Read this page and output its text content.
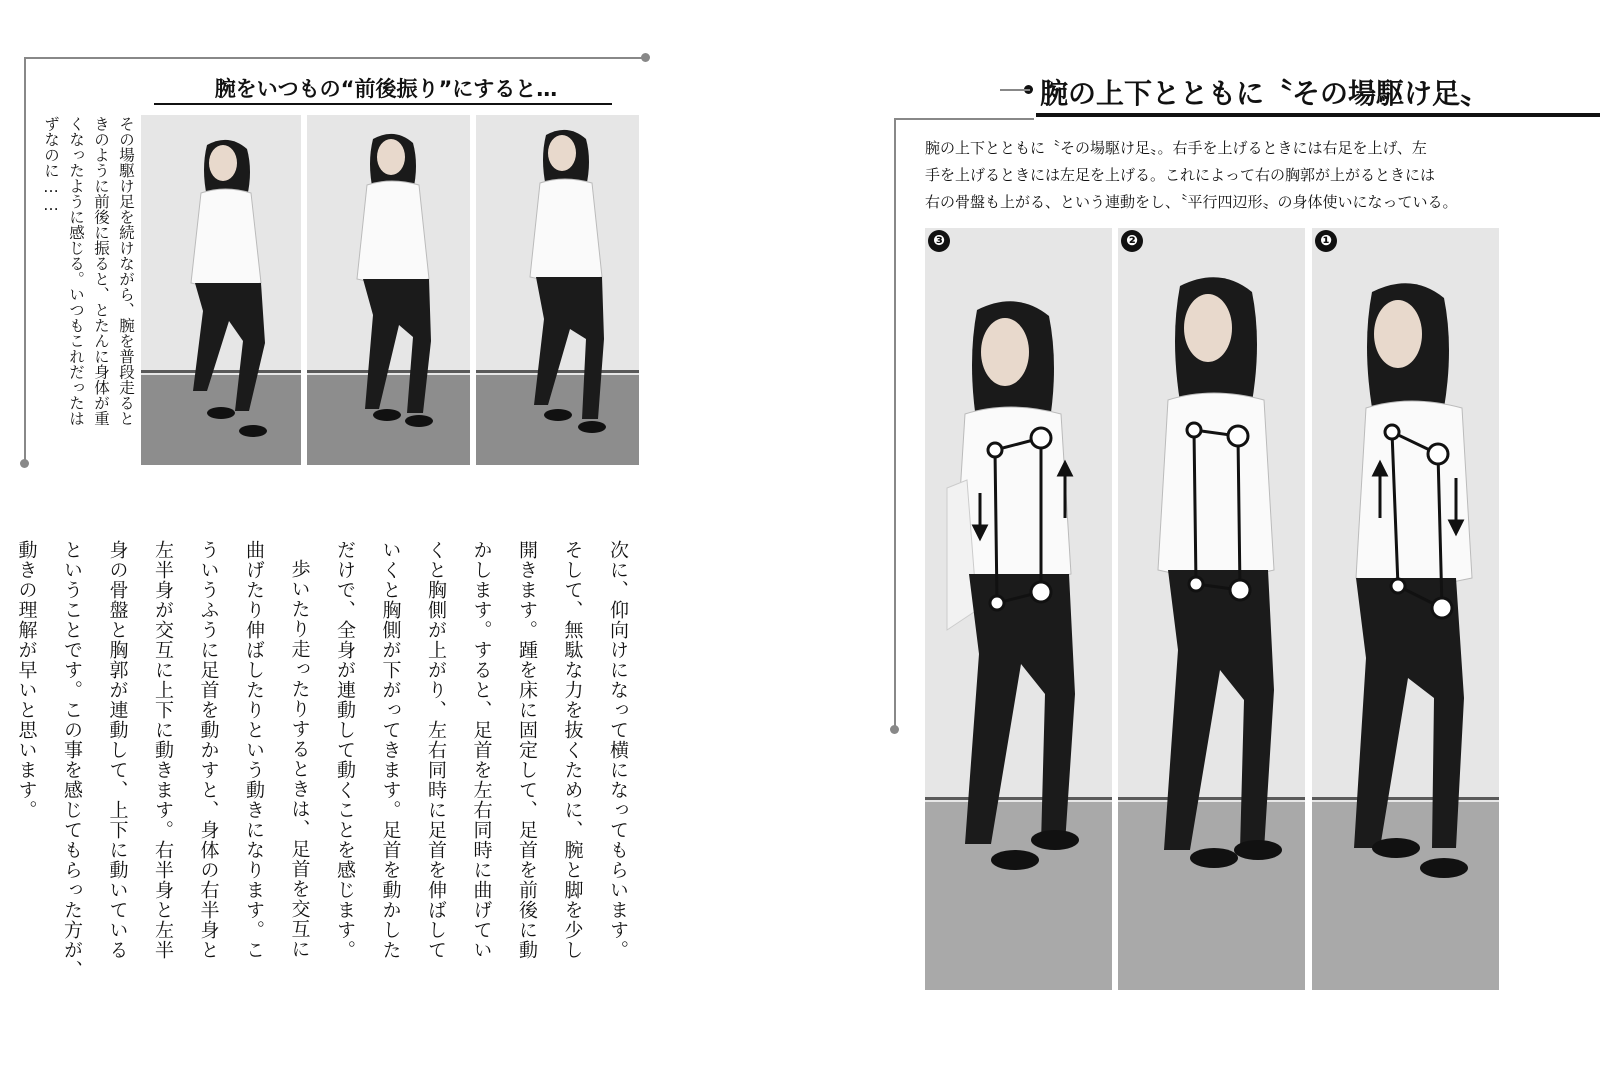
腕をいつもの“前後振り”にすると…
その場駆け足を続けながら、腕を普段走ると
きのように前後に振ると、とたんに身体が重
くなったように感じる。いつもこれだったは
ずなのに……
次に、仰向けになって横になってもらいます。
そして、無駄な力を抜くために、腕と脚を少し
開きます。踵を床に固定して、足首を前後に動
かします。すると、足首を左右同時に曲げてい
くと胸側が上がり、左右同時に足首を伸ばして
いくと胸側が下がってきます。足首を動かした
だけで、全身が連動して動くことを感じます。
歩いたり走ったりするときは、足首を交互に
曲げたり伸ばしたりという動きになります。こ
ういうふうに足首を動かすと、身体の右半身と
左半身が交互に上下に動きます。右半身と左半
身の骨盤と胸郭が連動して、上下に動いている
ということです。この事を感じてもらった方が、
動きの理解が早いと思います。
腕の上下とともに〝その場駆け足〟
腕の上下とともに〝その場駆け足〟。右手を上げるときには右足を上げ、左
手を上げるときには左足を上げる。これによって右の胸郭が上がるときには
右の骨盤も上がる、という連動をし、〝平行四辺形〟の身体使いになっている。
❸	❷	❶
